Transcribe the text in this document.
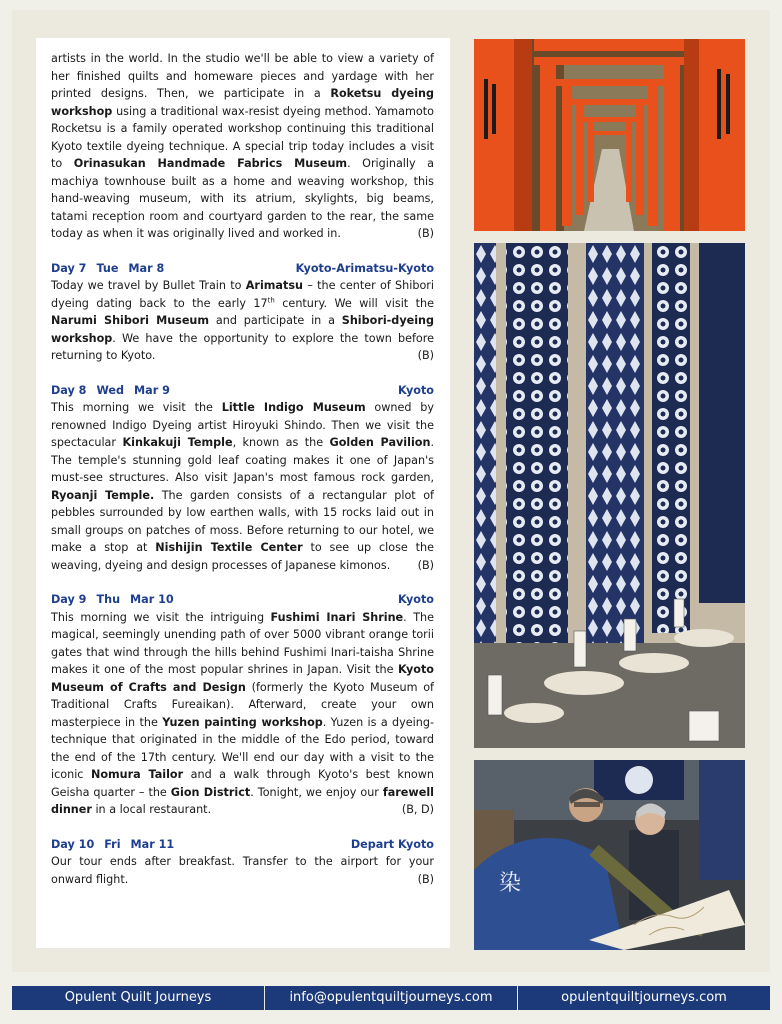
artists in the world. In the studio we'll be able to view a variety of her finished quilts and homeware pieces and yardage with her printed designs. Then, we participate in a Roketsu dyeing workshop using a traditional wax-resist dyeing method. Yamamoto Rocketsu is a family operated workshop continuing this traditional Kyoto textile dyeing technique. A special trip today includes a visit to Orinasukan Handmade Fabrics Museum. Originally a machiya townhouse built as a home and weaving workshop, this hand-weaving museum, with its atrium, skylights, big beams, tatami reception room and courtyard garden to the rear, the same today as when it was originally lived and worked in.	(B)

Day 7 Tue Mar 8	Kyoto-Arimatsu-Kyoto

Today we travel by Bullet Train to Arimatsu – the center of Shibori dyeing dating back to the early 17th century. We will visit the Narumi Shibori Museum and participate in a Shibori-dyeing workshop. We have the opportunity to explore the town before returning to Kyoto.	(B)

Day 8 Wed Mar 9	Kyoto

This morning we visit the Little Indigo Museum owned by renowned Indigo Dyeing artist Hiroyuki Shindo. Then we visit the spectacular Kinkakuji Temple, known as the Golden Pavilion. The temple's stunning gold leaf coating makes it one of Japan's must-see structures. Also visit Japan's most famous rock garden, Ryoanji Temple. The garden consists of a rectangular plot of pebbles surrounded by low earthen walls, with 15 rocks laid out in small groups on patches of moss. Before returning to our hotel, we make a stop at Nishijin Textile Center to see up close the weaving, dyeing and design processes of Japanese kimonos. (B)

Day 9 Thu Mar 10	Kyoto

This morning we visit the intriguing Fushimi Inari Shrine. The magical, seemingly unending path of over 5000 vibrant orange torii gates that wind through the hills behind Fushimi Inari-taisha Shrine makes it one of the most popular shrines in Japan. Visit the Kyoto Museum of Crafts and Design (formerly the Kyoto Museum of Traditional Crafts Fureaikan). Afterward, create your own masterpiece in the Yuzen painting workshop. Yuzen is a dyeing-technique that originated in the middle of the Edo period, toward the end of the 17th century. We'll end our day with a visit to the iconic Nomura Tailor and a walk through Kyoto's best known Geisha quarter – the Gion District. Tonight, we enjoy our farewell dinner in a local restaurant.	(B, D)

Day 10 Fri Mar 11	Depart Kyoto

Our tour ends after breakfast. Transfer to the airport for your onward flight.	(B)	染
Opulent Quilt Journeys	info@opulentquiltjourneys.com	opulentquiltjourneys.com
